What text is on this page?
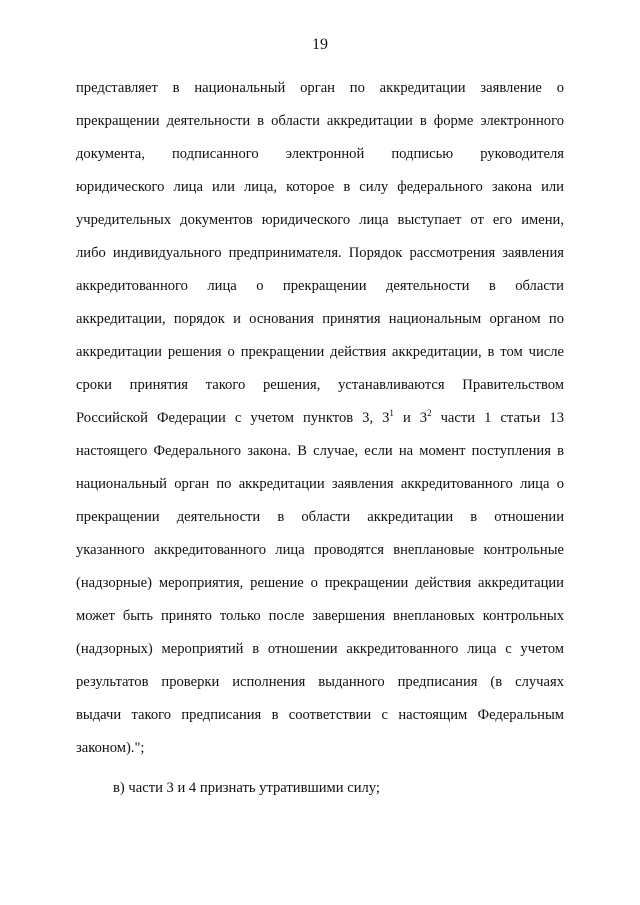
19
представляет в национальный орган по аккредитации заявление о
прекращении деятельности в области аккредитации в форме электронного
документа, подписанного электронной подписью руководителя
юридического лица или лица, которое в силу федерального закона или
учредительных документов юридического лица выступает от его имени,
либо индивидуального предпринимателя. Порядок рассмотрения заявления
аккредитованного лица о прекращении деятельности в области
аккредитации, порядок и основания принятия национальным органом по
аккредитации решения о прекращении действия аккредитации, в том числе
сроки принятия такого решения, устанавливаются Правительством
Российской Федерации с учетом пунктов 3, $3^1$ и $3^2$ части 1 статьи 13
настоящего Федерального закона. В случае, если на момент поступления в
национальный орган по аккредитации заявления аккредитованного лица о
прекращении деятельности в области аккредитации в отношении
указанного аккредитованного лица проводятся внеплановые контрольные
(надзорные) мероприятия, решение о прекращении действия аккредитации
может быть принято только после завершения внеплановых контрольных
(надзорных) мероприятий в отношении аккредитованного лица с учетом
результатов проверки исполнения выданного предписания (в случаях
выдачи такого предписания в соответствии с настоящим Федеральным
законом).";
в) части 3 и 4 признать утратившими силу;
